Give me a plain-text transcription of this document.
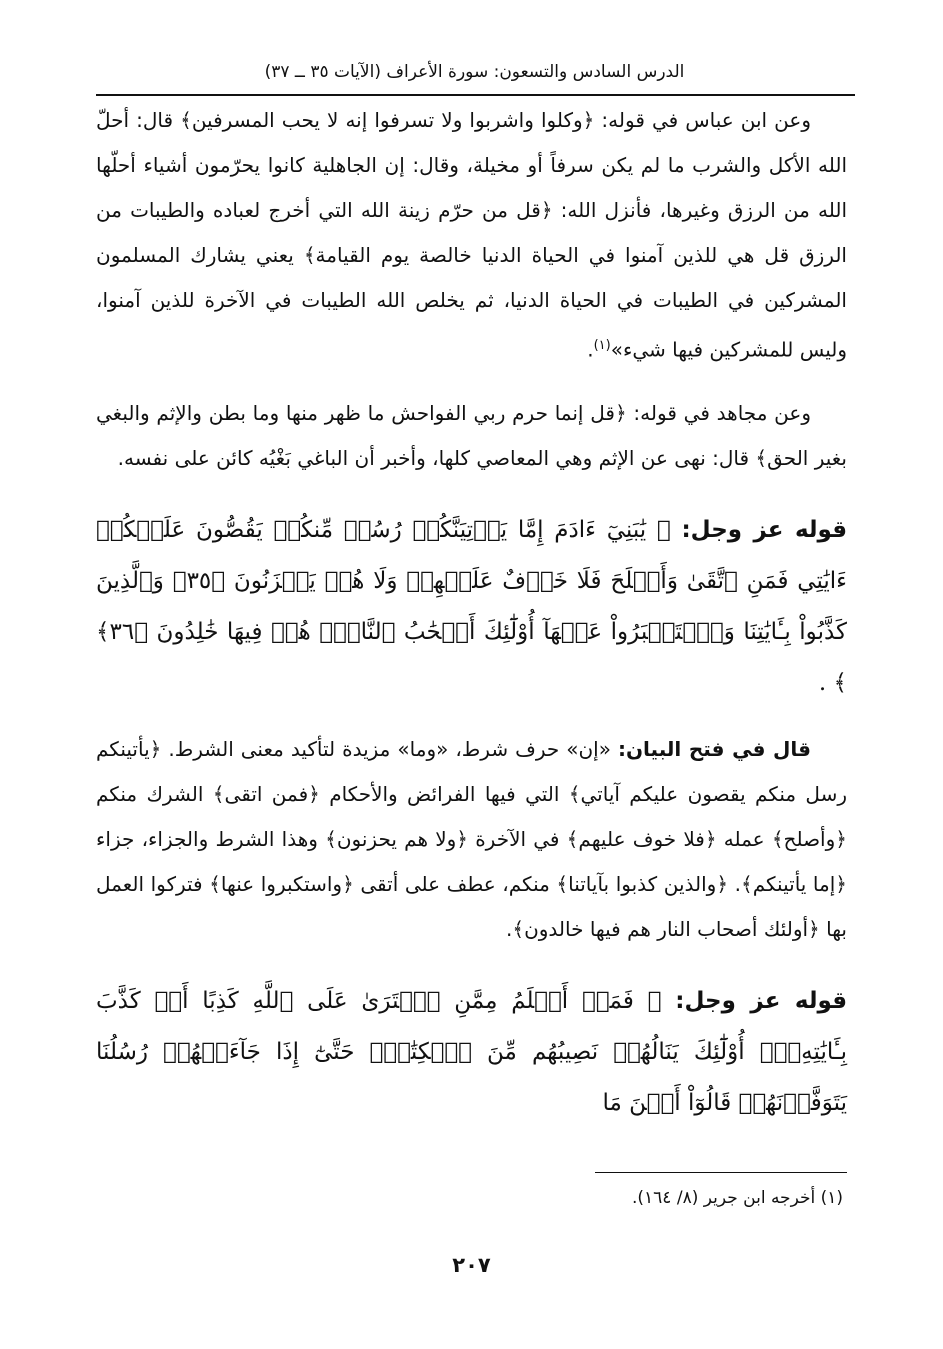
الدرس السادس والتسعون: سورة الأعراف (الآيات ٣٥ ــ ٣٧)

وعن ابن عباس في قوله: ﴿وكلوا واشربوا ولا تسرفوا إنه لا يحب المسرفين﴾ قال: أحلّ الله الأكل والشرب ما لم يكن سرفاً أو مخيلة، وقال: إن الجاهلية كانوا يحرّمون أشياء أحلّها الله من الرزق وغيرها، فأنزل الله: ﴿قل من حرّم زينة الله التي أخرج لعباده والطيبات من الرزق قل هي للذين آمنوا في الحياة الدنيا خالصة يوم القيامة﴾ يعني يشارك المسلمون المشركين في الطيبات في الحياة الدنيا، ثم يخلص الله الطيبات في الآخرة للذين آمنوا، وليس للمشركين فيها شيء»$^{(١)}$.

وعن مجاهد في قوله: ﴿قل إنما حرم ربي الفواحش ما ظهر منها وما بطن والإثم والبغي بغير الحق﴾ قال: نهى عن الإثم وهي المعاصي كلها، وأخبر أن الباغي بَغْيُه كائن على نفسه.

قوله عز وجل: ﴿ يَٰبَنِيٓ ءَادَمَ إِمَّا يَأۡتِيَنَّكُمۡ رُسُلٞ مِّنكُمۡ يَقُصُّونَ عَلَيۡكُمۡ ءَايَٰتِي فَمَنِ ٱتَّقَىٰ وَأَصۡلَحَ فَلَا خَوۡفٌ عَلَيۡهِمۡ وَلَا هُمۡ يَحۡزَنُونَ ﴿٣٥﴾ وَٱلَّذِينَ كَذَّبُواْ بِـَٔايَٰتِنَا وَٱسۡتَكۡبَرُواْ عَنۡهَآ أُوْلَٰٓئِكَ أَصۡحَٰبُ ٱلنَّارِۖ هُمۡ فِيهَا خَٰلِدُونَ ﴿٣٦﴾ ﴾ .

قال في فتح البيان: «إن» حرف شرط، «وما» مزيدة لتأكيد معنى الشرط. ﴿يأتينكم رسل منكم يقصون عليكم آياتي﴾ التي فيها الفرائض والأحكام ﴿فمن اتقى﴾ الشرك منكم ﴿وأصلح﴾ عمله ﴿فلا خوف عليهم﴾ في الآخرة ﴿ولا هم يحزنون﴾ وهذا الشرط والجزاء، جزاء ﴿إما يأتينكم﴾. ﴿والذين كذبوا بآياتنا﴾ منكم، عطف على أتقى ﴿واستكبروا عنها﴾ فتركوا العمل بها ﴿أولئك أصحاب النار هم فيها خالدون﴾.

قوله عز وجل: ﴿ فَمَنۡ أَظۡلَمُ مِمَّنِ ٱفۡتَرَىٰ عَلَى ٱللَّهِ كَذِبًا أَوۡ كَذَّبَ بِـَٔايَٰتِهِۦٓۚ أُوْلَٰٓئِكَ يَنَالُهُمۡ نَصِيبُهُم مِّنَ ٱلۡكِتَٰبِۖ حَتَّىٰٓ إِذَا جَآءَتۡهُمۡ رُسُلُنَا يَتَوَفَّوۡنَهُمۡ قَالُوٓاْ أَيۡنَ مَا

(١) أخرجه ابن جرير (٨/ ١٦٤).
٢٠٧
